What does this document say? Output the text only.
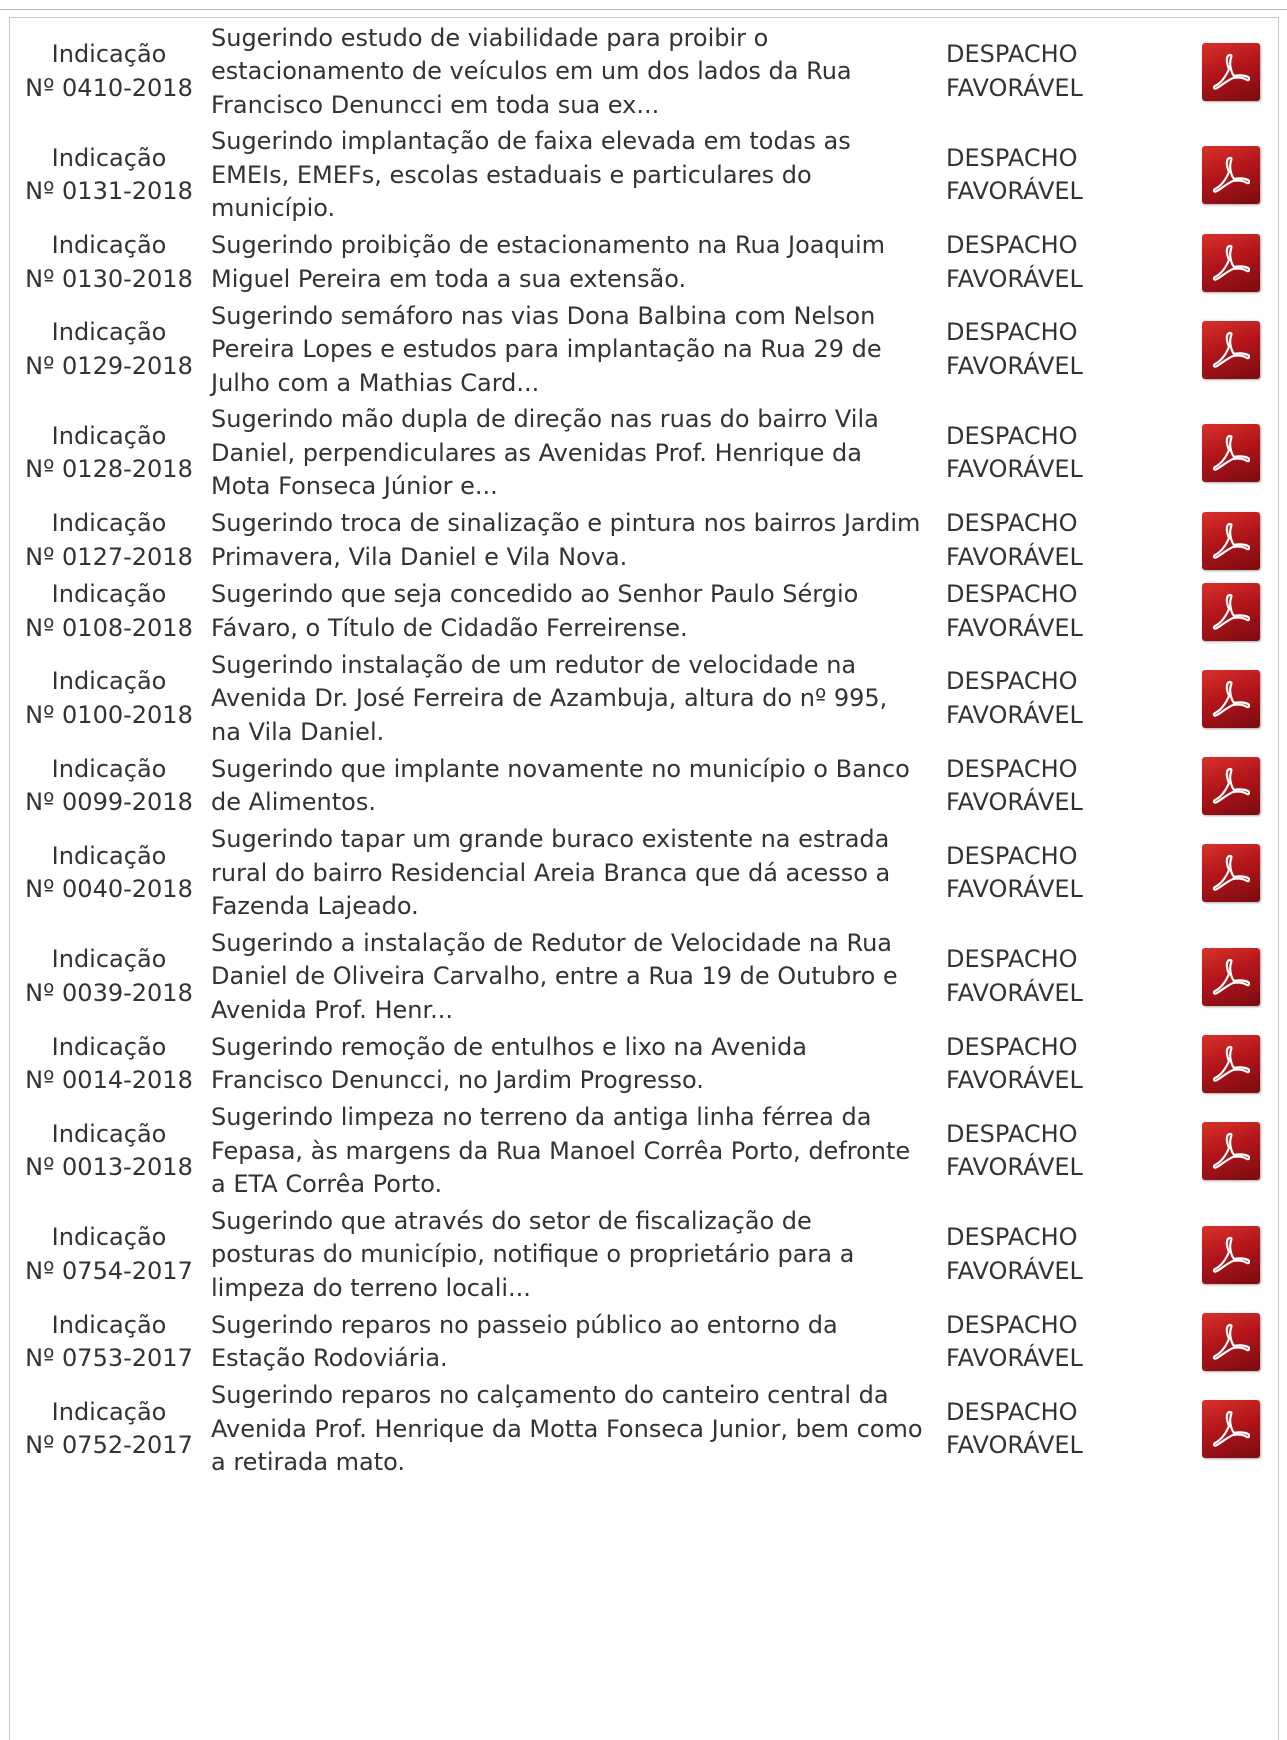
Indicação
Nº 0410-2018	Sugerindo estudo de viabilidade para proibir o estacionamento de veículos em um dos lados da Rua Francisco Denuncci em toda sua ex...	DESPACHO
FAVORÁVEL

Indicação
Nº 0131-2018	Sugerindo implantação de faixa elevada em todas as EMEIs, EMEFs, escolas estaduais e particulares do município.	DESPACHO
FAVORÁVEL

Indicação
Nº 0130-2018	Sugerindo proibição de estacionamento na Rua Joaquim Miguel Pereira em toda a sua extensão.	DESPACHO
FAVORÁVEL

Indicação
Nº 0129-2018	Sugerindo semáforo nas vias Dona Balbina com Nelson Pereira Lopes e estudos para implantação na Rua 29 de Julho com a Mathias Card...	DESPACHO
FAVORÁVEL

Indicação
Nº 0128-2018	Sugerindo mão dupla de direção nas ruas do bairro Vila Daniel, perpendiculares as Avenidas Prof. Henrique da Mota Fonseca Júnior e...	DESPACHO
FAVORÁVEL

Indicação
Nº 0127-2018	Sugerindo troca de sinalização e pintura nos bairros Jardim Primavera, Vila Daniel e Vila Nova.	DESPACHO
FAVORÁVEL

Indicação
Nº 0108-2018	Sugerindo que seja concedido ao Senhor Paulo Sérgio Fávaro, o Título de Cidadão Ferreirense.	DESPACHO
FAVORÁVEL

Indicação
Nº 0100-2018	Sugerindo instalação de um redutor de velocidade na Avenida Dr. José Ferreira de Azambuja, altura do nº 995, na Vila Daniel.	DESPACHO
FAVORÁVEL

Indicação
Nº 0099-2018	Sugerindo que implante novamente no município o Banco de Alimentos.	DESPACHO
FAVORÁVEL

Indicação
Nº 0040-2018	Sugerindo tapar um grande buraco existente na estrada rural do bairro Residencial Areia Branca que dá acesso a Fazenda Lajeado.	DESPACHO
FAVORÁVEL

Indicação
Nº 0039-2018	Sugerindo a instalação de Redutor de Velocidade na Rua Daniel de Oliveira Carvalho, entre a Rua 19 de Outubro e Avenida Prof. Henr...	DESPACHO
FAVORÁVEL

Indicação
Nº 0014-2018	Sugerindo remoção de entulhos e lixo na Avenida Francisco Denuncci, no Jardim Progresso.	DESPACHO
FAVORÁVEL

Indicação
Nº 0013-2018	Sugerindo limpeza no terreno da antiga linha férrea da Fepasa, às margens da Rua Manoel Corrêa Porto, defronte a ETA Corrêa Porto.	DESPACHO
FAVORÁVEL

Indicação
Nº 0754-2017	Sugerindo que através do setor de fiscalização de posturas do município, notifique o proprietário para a limpeza do terreno locali...	DESPACHO
FAVORÁVEL

Indicação
Nº 0753-2017	Sugerindo reparos no passeio público ao entorno da Estação Rodoviária.	DESPACHO
FAVORÁVEL

Indicação
Nº 0752-2017	Sugerindo reparos no calçamento do canteiro central da Avenida Prof. Henrique da Motta Fonseca Junior, bem como a retirada mato.	DESPACHO
FAVORÁVEL
